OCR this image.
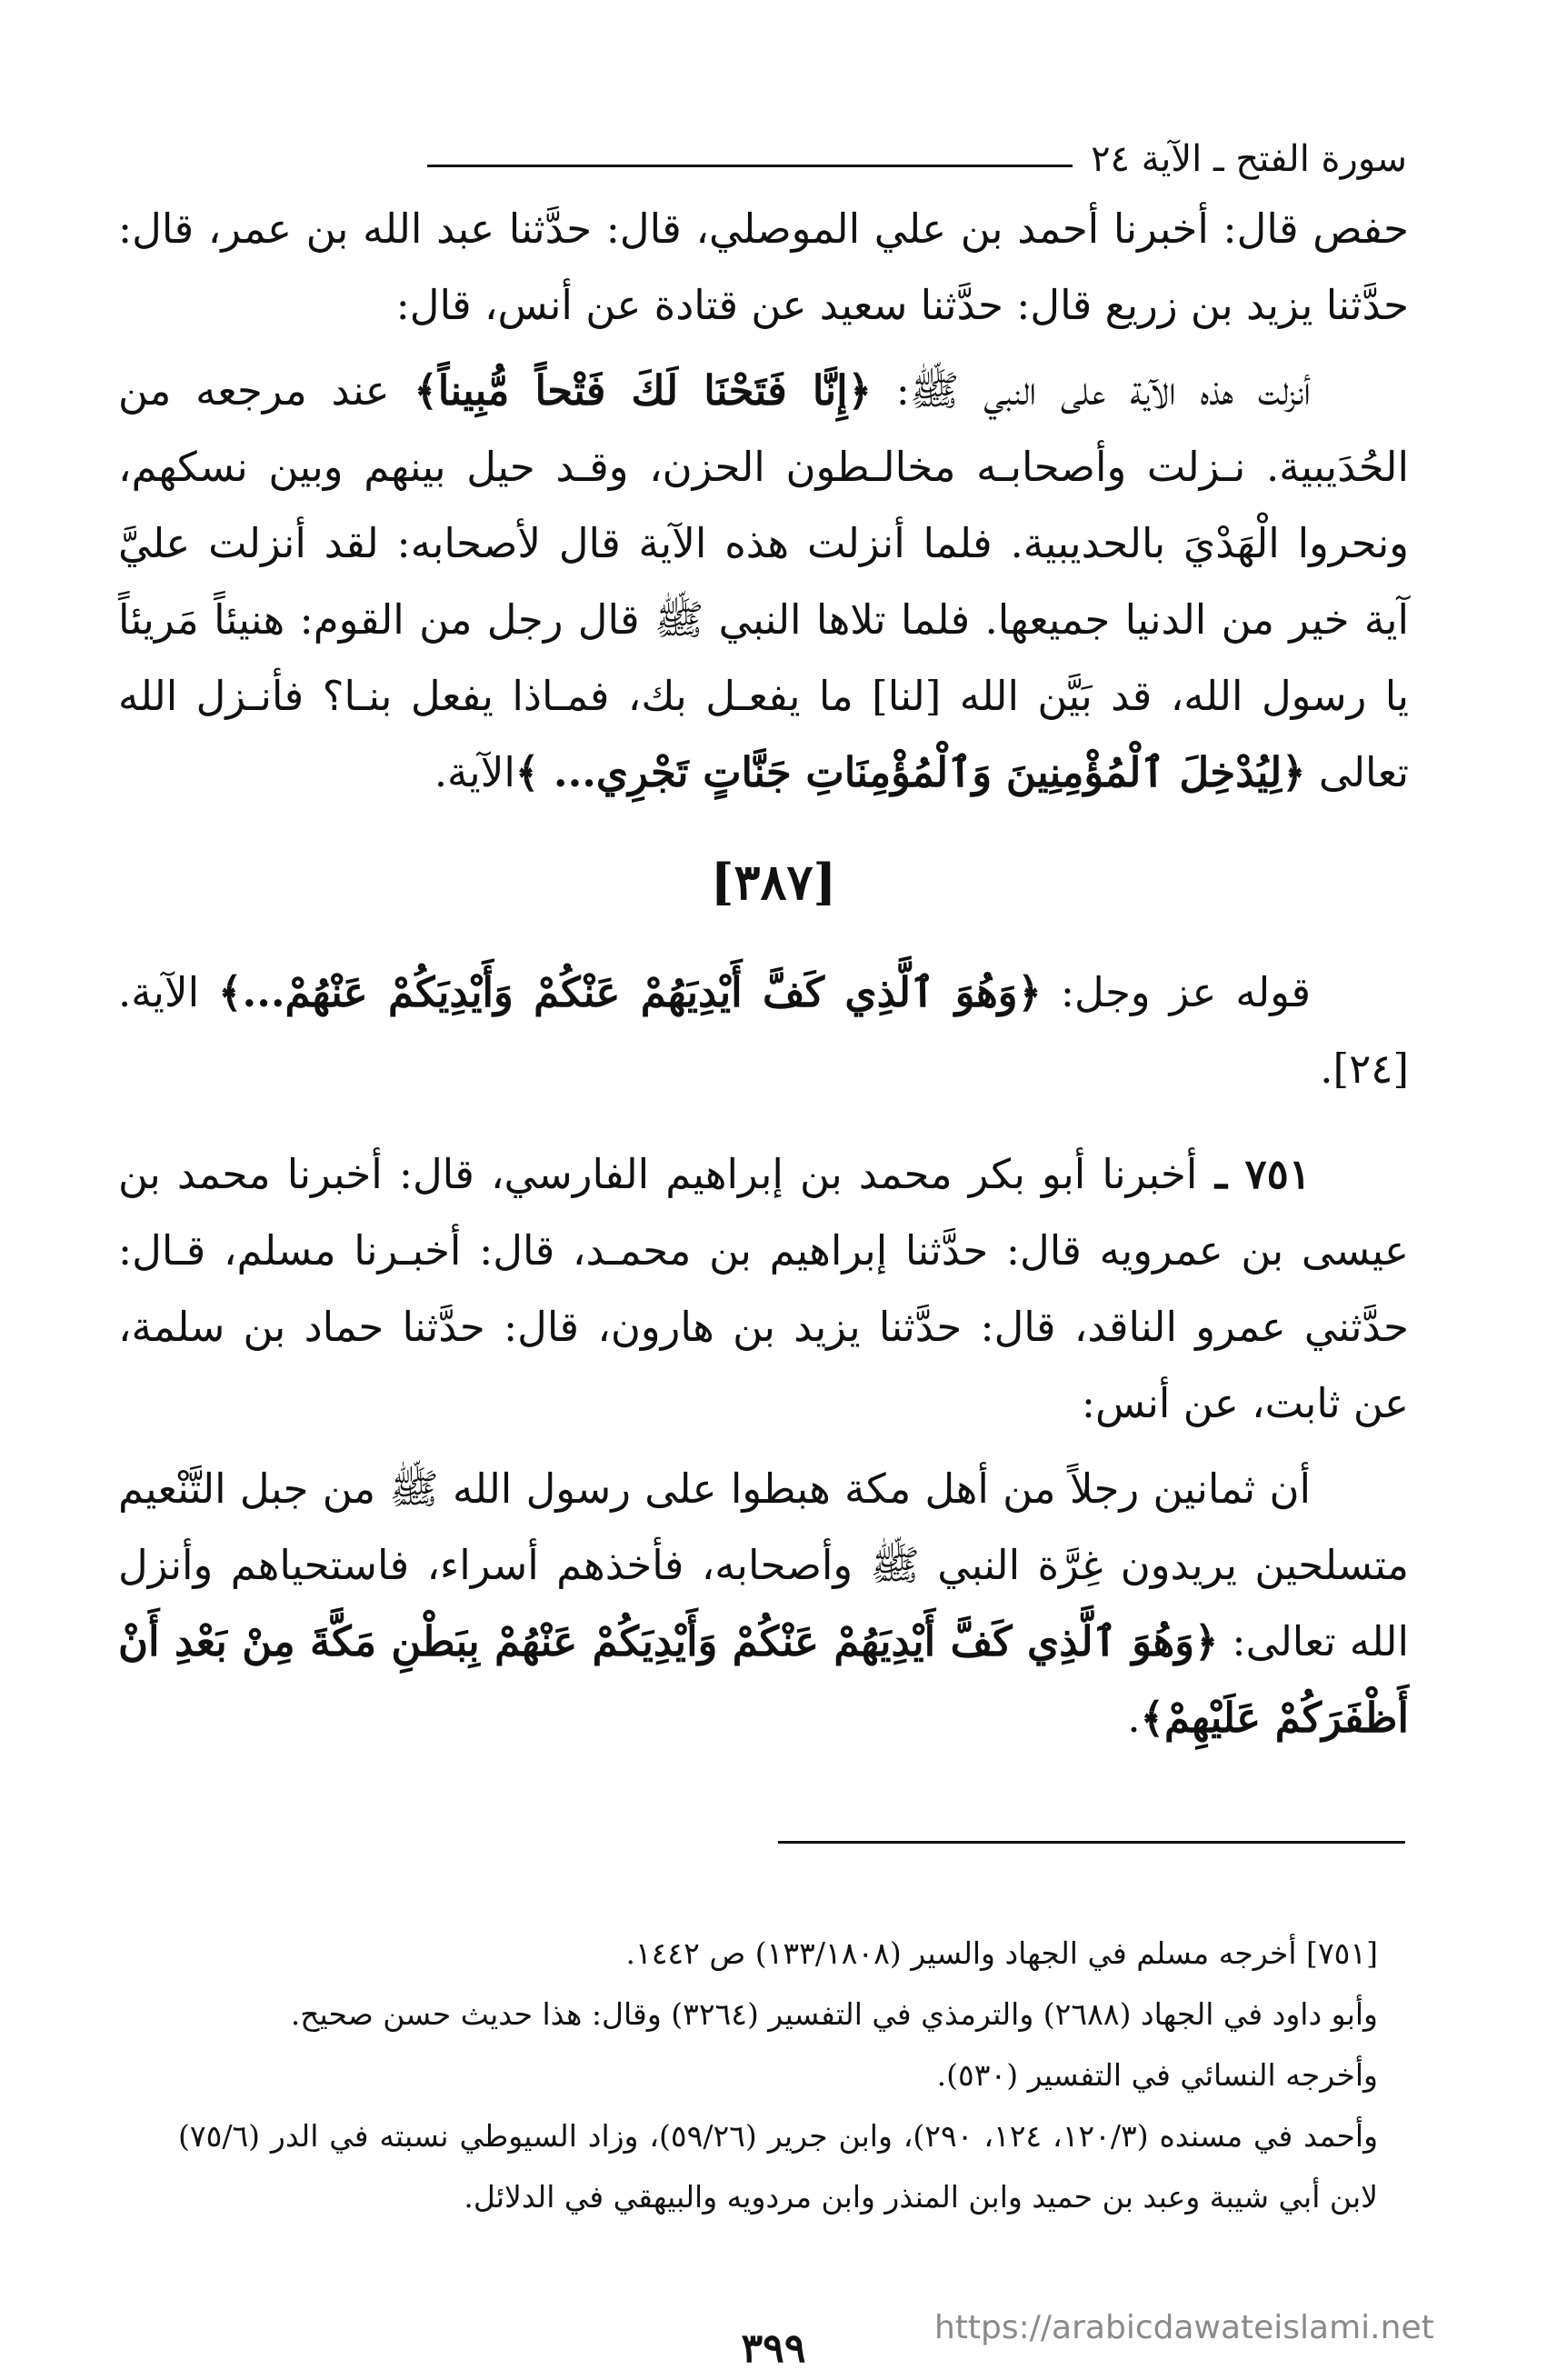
سورة الفتح ـ الآية ٢٤

حفص قال: أخبرنا أحمد بن علي الموصلي، قال: حدَّثنا عبد الله بن عمر، قال: حدَّثنا يزيد بن زريع قال: حدَّثنا سعيد عن قتادة عن أنس، قال:

أنزلت هذه الآية على النبي ﷺ: ﴿إِنَّا فَتَحْنَا لَكَ فَتْحاً مُّبِيناً﴾ عند مرجعه من الحُدَيبية. نـزلت وأصحابـه مخالـطون الحزن، وقـد حيل بينهم وبين نسكهم، ونحروا الْهَدْيَ بالحديبية. فلما أنزلت هذه الآية قال لأصحابه: لقد أنزلت عليَّ آية خير من الدنيا جميعها. فلما تلاها النبي ﷺ قال رجل من القوم: هنيئاً مَريئاً يا رسول الله، قد بَيَّن الله [لنا] ما يفعـل بك، فمـاذا يفعل بنـا؟ فأنـزل الله تعالى ﴿لِيُدْخِلَ ٱلْمُؤْمِنِينَ وَٱلْمُؤْمِنَاتِ جَنَّاتٍ تَجْرِي... ﴾الآية.

[٣٨٧]

قوله عز وجل: ﴿وَهُوَ ٱلَّذِي كَفَّ أَيْدِيَهُمْ عَنْكُمْ وَأَيْدِيَكُمْ عَنْهُمْ...﴾ الآية. [٢٤].

٧٥١ ـ أخبرنا أبو بكر محمد بن إبراهيم الفارسي، قال: أخبرنا محمد بن عيسى بن عمرويه قال: حدَّثنا إبراهيم بن محمـد، قال: أخبـرنا مسلم، قـال: حدَّثني عمرو الناقد، قال: حدَّثنا يزيد بن هارون، قال: حدَّثنا حماد بن سلمة، عن ثابت، عن أنس:

أن ثمانين رجلاً من أهل مكة هبطوا على رسول الله ﷺ من جبل التَّنْعيم متسلحين يريدون غِرَّة النبي ﷺ وأصحابه، فأخذهم أسراء، فاستحياهم وأنزل الله تعالى: ﴿وَهُوَ ٱلَّذِي كَفَّ أَيْدِيَهُمْ عَنْكُمْ وَأَيْدِيَكُمْ عَنْهُمْ بِبَطْنِ مَكَّةَ مِنْ بَعْدِ أَنْ أَظْفَرَكُمْ عَلَيْهِمْ﴾.

[٧٥١] أخرجه مسلم في الجهاد والسير (١٣٣/١٨٠٨) ص ١٤٤٢.

وأبو داود في الجهاد (٢٦٨٨) والترمذي في التفسير (٣٢٦٤) وقال: هذا حديث حسن صحيح.

وأخرجه النسائي في التفسير (٥٣٠).

وأحمد في مسنده (١٢٠/٣، ١٢٤، ٢٩٠)، وابن جرير (٥٩/٢٦)، وزاد السيوطي نسبته في الدر (٧٥/٦) لابن أبي شيبة وعبد بن حميد وابن المنذر وابن مردويه والبيهقي في الدلائل.

https://arabicdawateislami.net
٣٩٩
